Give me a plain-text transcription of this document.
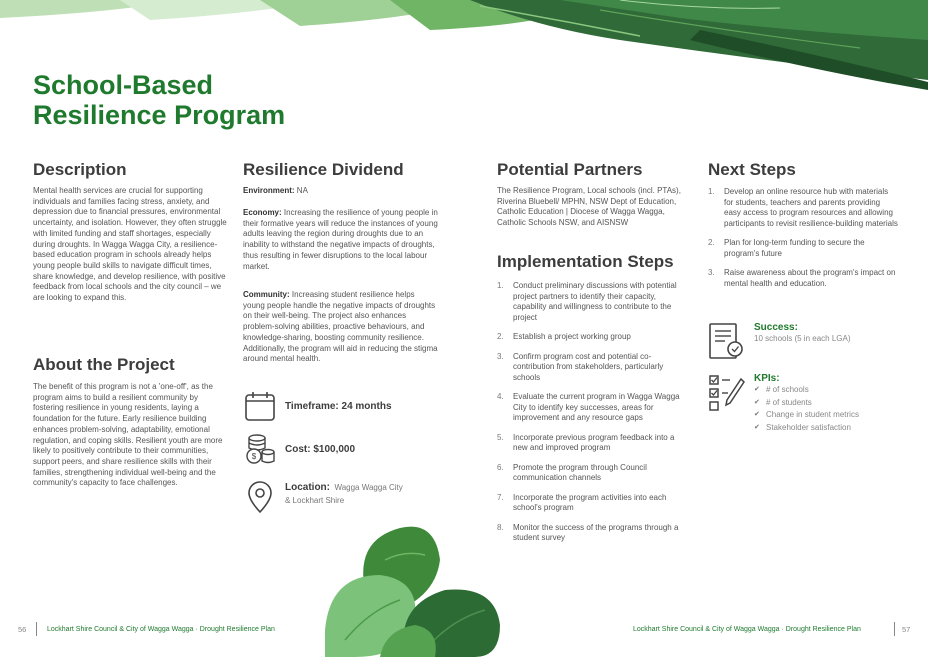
School-Based
Resilience Program
Description
Mental health services are crucial for supporting individuals and families facing stress, anxiety, and depression due to financial pressures, environmental uncertainty, and isolation. However, they often struggle with limited funding and staff shortages, especially during droughts. In Wagga Wagga City, a resilience-based education program in schools already helps young people build skills to navigate difficult times, share knowledge, and develop resilience, with positive feedback from local schools and the city council – we are looking to expand this.
About the Project
The benefit of this program is not a 'one-off', as the program aims to build a resilient community by fostering resilience in young residents, laying a foundation for the future. Early resilience building enhances problem-solving, adaptability, emotional regulation, and coping skills. Resilient youth are more likely to positively contribute to their communities, support peers, and share resilience skills with their families, strengthening individual well-being and the community's capacity to face challenges.
Resilience Dividend
Environment: NA
Economy: Increasing the resilience of young people in their formative years will reduce the instances of young adults leaving the region during droughts due to an inability to withstand the negative impacts of droughts, thus resulting in fewer disruptions to the local labour market.
Community: Increasing student resilience helps young people handle the negative impacts of droughts on their well-being. The project also enhances problem-solving abilities, proactive behaviours, and knowledge-sharing, boosting community resilience. Additionally, the program will aid in reducing the stigma around mental health.
Timeframe: 24 months
$
Cost: $100,000
Location: Wagga Wagga City & Lockhart Shire
Potential Partners
The Resilience Program, Local schools (incl. PTAs), Riverina Bluebell/ MPHN, NSW Dept of Education, Catholic Education | Diocese of Wagga Wagga, Catholic Schools NSW, and AISNSW
Implementation Steps
1. Conduct preliminary discussions with potential project partners to identify their capacity, capability and willingness to contribute to the project
2. Establish a project working group
3. Confirm program cost and potential co-contribution from stakeholders, particularly schools
4. Evaluate the current program in Wagga Wagga City to identify key successes, areas for improvement and any resource gaps
5. Incorporate previous program feedback into a new and improved program
6. Promote the program through Council communication channels
7. Incorporate the program activities into each school's program
8. Monitor the success of the programs through a student survey
Next Steps
1. Develop an online resource hub with materials for students, teachers and parents providing easy access to program resources and allowing participants to revisit resilience-building materials
2. Plan for long-term funding to secure the program's future
3. Raise awareness about the program's impact on mental health and education.
Success:
10 schools (5 in each LGA)
KPIs:
✔ # of schools
✔ # of students
✔ Change in student metrics
✔ Stakeholder satisfaction
56	Lockhart Shire Council & City of Wagga Wagga · Drought Resilience Plan	Lockhart Shire Council & City of Wagga Wagga · Drought Resilience Plan	57
